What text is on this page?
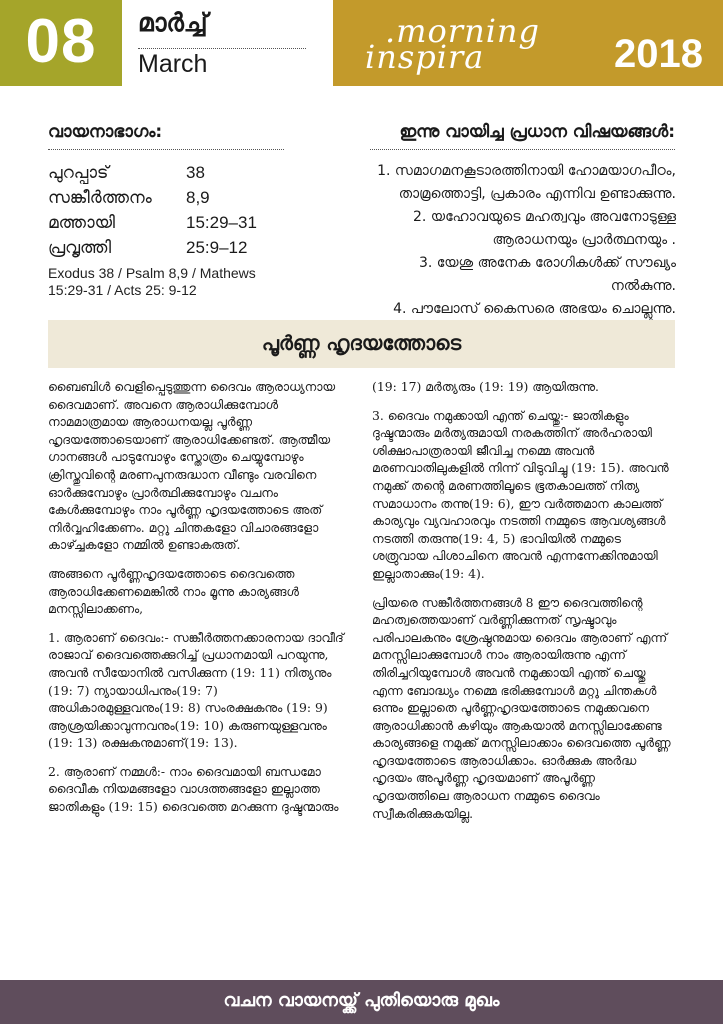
08	മാർച്ച്
March
.morning
inspira	2018
വായനാഭാഗം:
പുറപ്പാട്	38
സങ്കീർത്തനം	8,9
മത്തായി	15:29–31
പ്രവൃത്തി	25:9–12
Exodus 38 / Psalm 8,9 / Mathews 15:29-31 / Acts 25: 9-12
ഇന്നു വായിച്ച പ്രധാന വിഷയങ്ങൾ:
1. സമാഗമനകൂടാരത്തിനായി ഹോമയാഗപീഠം,
താമ്രത്തൊട്ടി, പ്രകാരം എന്നിവ ഉണ്ടാക്കുന്നു.
2. യഹോവയുടെ മഹത്വവും അവനോടുള്ള
ആരാധനയും പ്രാർത്ഥനയും .
3. യേശു അനേക രോഗികൾക്ക് സൗഖ്യം
നൽകുന്നു.
4. പൗലോസ് കൈസരെ അഭയം ചൊല്ലുന്നു.
പൂർണ്ണ ഹൃദയത്തോടെ

ബൈബിൾ വെളിപ്പെടുത്തുന്ന ദൈവം ആരാധ്യനായ ദൈവമാണ്. അവനെ ആരാധിക്കുമ്പോൾ നാമമാത്രമായ ആരാധനയല്ല പൂർണ്ണ ഹൃദയത്തോടെയാണ് ആരാധിക്കേണ്ടത്. ആത്മീയ ഗാനങ്ങൾ പാടുമ്പോഴും സ്തോത്രം ചെയ്യുമ്പോഴും ക്രിസ്തുവിന്റെ മരണപുനരുദ്ധാന വീണ്ടും വരവിനെ ഓർക്കുമ്പോഴും പ്രാർത്ഥിക്കുമ്പോഴും വചനം കേൾക്കുമ്പോഴും നാം പൂർണ്ണ ഹൃദയത്തോടെ അത് നിർവ്വഹിക്കേണം. മറ്റു ചിന്തകളോ വിചാരങ്ങളോ കാഴ്ച്ചകളോ നമ്മിൽ ഉണ്ടാകരുത്.

അങ്ങനെ പൂർണ്ണഹൃദയത്തോടെ ദൈവത്തെ ആരാധിക്കേണമെങ്കിൽ നാം മൂന്നു കാര്യങ്ങൾ മനസ്സിലാക്കണം,

1. ആരാണ് ദൈവം:- സങ്കീർത്തനക്കാരനായ ദാവീദ് രാജാവ് ദൈവത്തെക്കുറിച്ച് പ്രധാനമായി പറയുന്നു, അവൻ സീയോനിൽ വസിക്കുന്ന (19: 11) നിത്യനും (19: 7) ന്യായാധിപനും(19: 7) അധികാരമുള്ളവനും(19: 8) സംരക്ഷകനും (19: 9) ആശ്രയിക്കാവുന്നവനും(19: 10) കരുണയുള്ളവനും (19: 13) രക്ഷകനുമാണ്(19: 13).

2. ആരാണ് നമ്മൾ:- നാം ദൈവമായി ബന്ധമോ ദൈവീക നിയമങ്ങളോ വാഗ്ദത്തങ്ങളോ ഇല്ലാത്ത ജാതികളും (19: 15) ദൈവത്തെ മറക്കുന്ന ദുഷ്ടന്മാരും

(19: 17) മർത്യരും (19: 19) ആയിരുന്നു.

3. ദൈവം നമുക്കായി എന്ത് ചെയ്തു:- ജാതികളും ദുഷ്ടന്മാരും മർത്യരുമായി നരകത്തിന് അർഹരായി ശിക്ഷാപാത്രരായി ജീവിച്ച നമ്മെ അവൻ മരണവാതിലുകളിൽ നിന്ന് വിടുവിച്ചു (19: 15). അവൻ നമുക്ക് തന്റെ മരണത്തിലൂടെ ഭൂതകാലത്ത് നിത്യ സമാധാനം തന്നു(19: 6), ഈ വർത്തമാന കാലത്ത് കാര്യവും വ്യവഹാരവും നടത്തി നമ്മുടെ ആവശ്യങ്ങൾ നടത്തി തരുന്നു(19: 4, 5) ഭാവിയിൽ നമ്മുടെ ശത്രുവായ പിശാചിനെ അവൻ എന്നന്നേക്കിനുമായി ഇല്ലാതാക്കും(19: 4).

പ്രിയരെ സങ്കീർത്തനങ്ങൾ 8 ഈ ദൈവത്തിന്റെ മഹത്വത്തെയാണ് വർണ്ണിക്കുന്നത് സൃഷ്ടാവും പരിപാലകനും ശ്രേഷ്ഠനുമായ ദൈവം ആരാണ് എന്ന് മനസ്സിലാക്കുമ്പോൾ നാം ആരായിരുന്നു എന്ന് തിരിച്ചറിയുമ്പോൾ അവൻ നമുക്കായി എന്ത് ചെയ്തു എന്ന ബോദ്ധ്യം നമ്മെ ഭരിക്കുമ്പോൾ മറ്റു ചിന്തകൾ ഒന്നും ഇല്ലാതെ പൂർണ്ണഹൃദയത്തോടെ നമുക്കവനെ ആരാധിക്കാൻ കഴിയും ആകയാൽ മനസ്സിലാക്കേണ്ട കാര്യങ്ങളെ നമുക്ക് മനസ്സിലാക്കാം ദൈവത്തെ പൂർണ്ണ ഹൃദയത്തോടെ ആരാധിക്കാം. ഓർക്കുക അർദ്ധ ഹൃദയം അപൂർണ്ണ ഹൃദയമാണ് അപൂർണ്ണ ഹൃദയത്തിലെ ആരാധന നമ്മുടെ ദൈവം സ്വീകരിക്കുകയില്ല.

വചന വായനയ്ക്ക് പുതിയൊരു മുഖം
